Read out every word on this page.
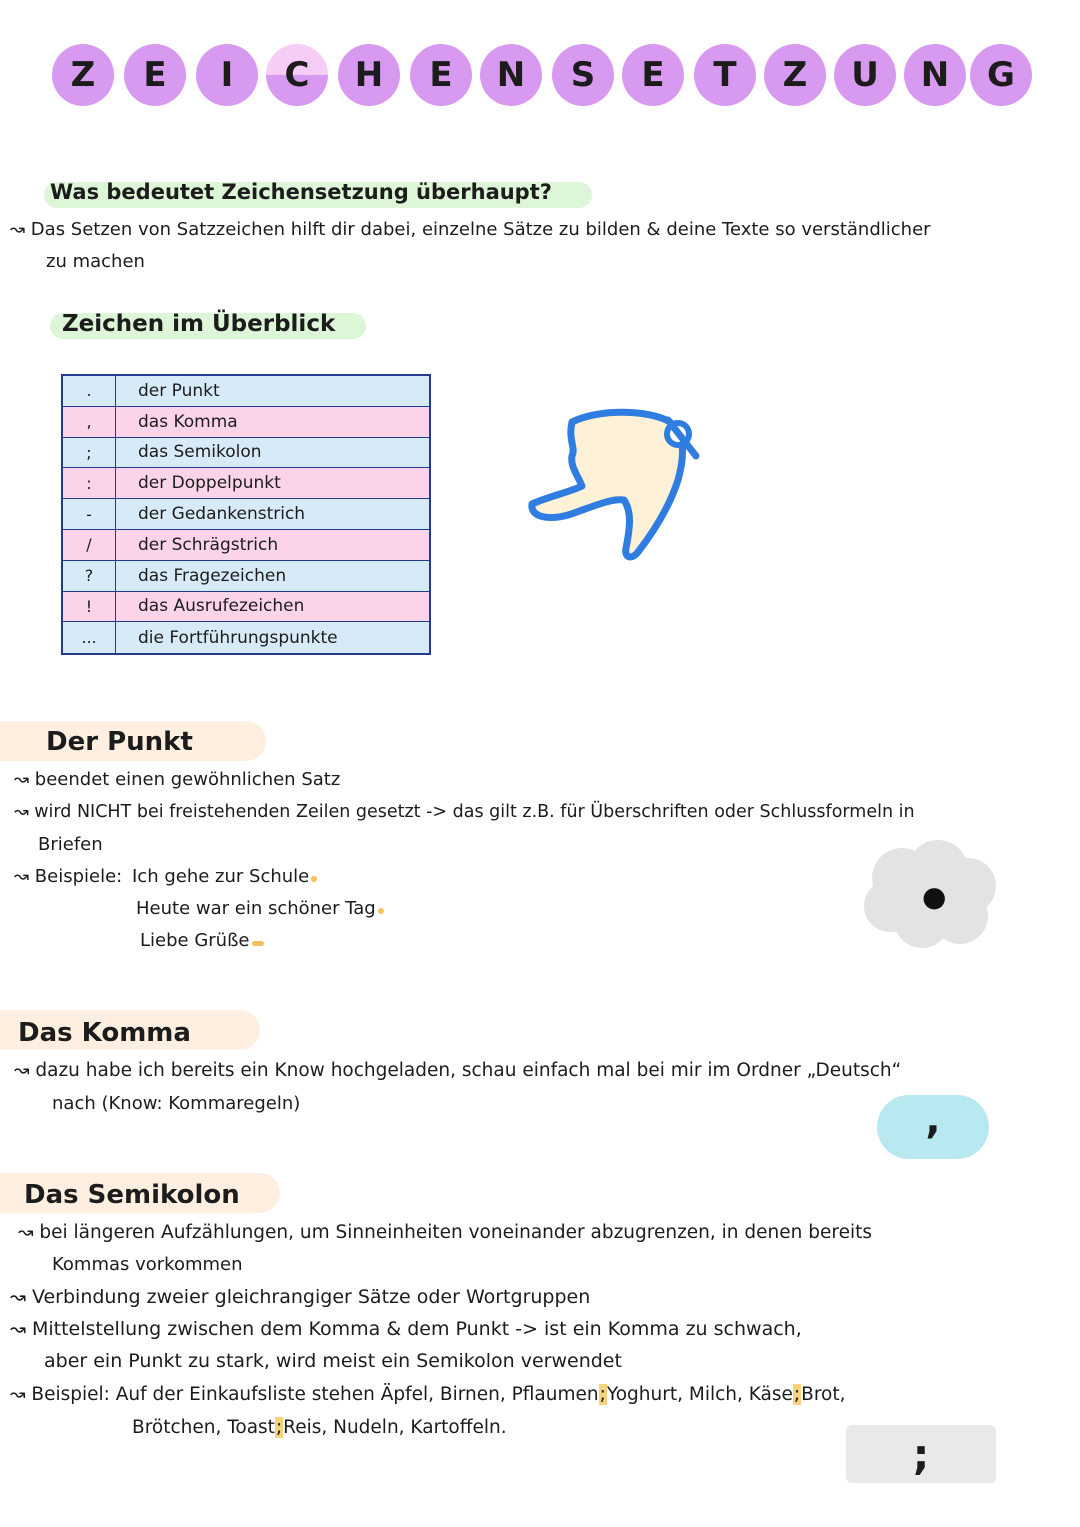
Z	E	I	C	H	E	N	S	E	T	Z	U	N	G
Was bedeutet Zeichensetzung überhaupt?
↝ Das Setzen von Satzzeichen hilft dir dabei, einzelne Sätze zu bilden & deine Texte so verständlicher
zu machen
Zeichen im Überblick
.	der Punkt
,	das Komma
;	das Semikolon
:	der Doppelpunkt
-	der Gedankenstrich
/	der Schrägstrich
?	das Fragezeichen
!	das Ausrufezeichen
...	die Fortführungspunkte
Der Punkt
↝ beendet einen gewöhnlichen Satz
↝ wird NICHT bei freistehenden Zeilen gesetzt -> das gilt z.B. für Überschriften oder Schlussformeln in
Briefen
↝ Beispiele: Ich gehe zur Schule
Heute war ein schöner Tag
Liebe Grüße
●
Das Komma
↝ dazu habe ich bereits ein Know hochgeladen, schau einfach mal bei mir im Ordner „Deutsch“
nach (Know: Kommaregeln)	,
Das Semikolon
↝ bei längeren Aufzählungen, um Sinneinheiten voneinander abzugrenzen, in denen bereits
Kommas vorkommen
↝ Verbindung zweier gleichrangiger Sätze oder Wortgruppen
↝ Mittelstellung zwischen dem Komma & dem Punkt -> ist ein Komma zu schwach,
aber ein Punkt zu stark, wird meist ein Semikolon verwendet
↝ Beispiel: Auf der Einkaufsliste stehen Äpfel, Birnen, Pflaumen;Yoghurt, Milch, Käse;Brot,
Brötchen, Toast;Reis, Nudeln, Kartoffeln.
;
